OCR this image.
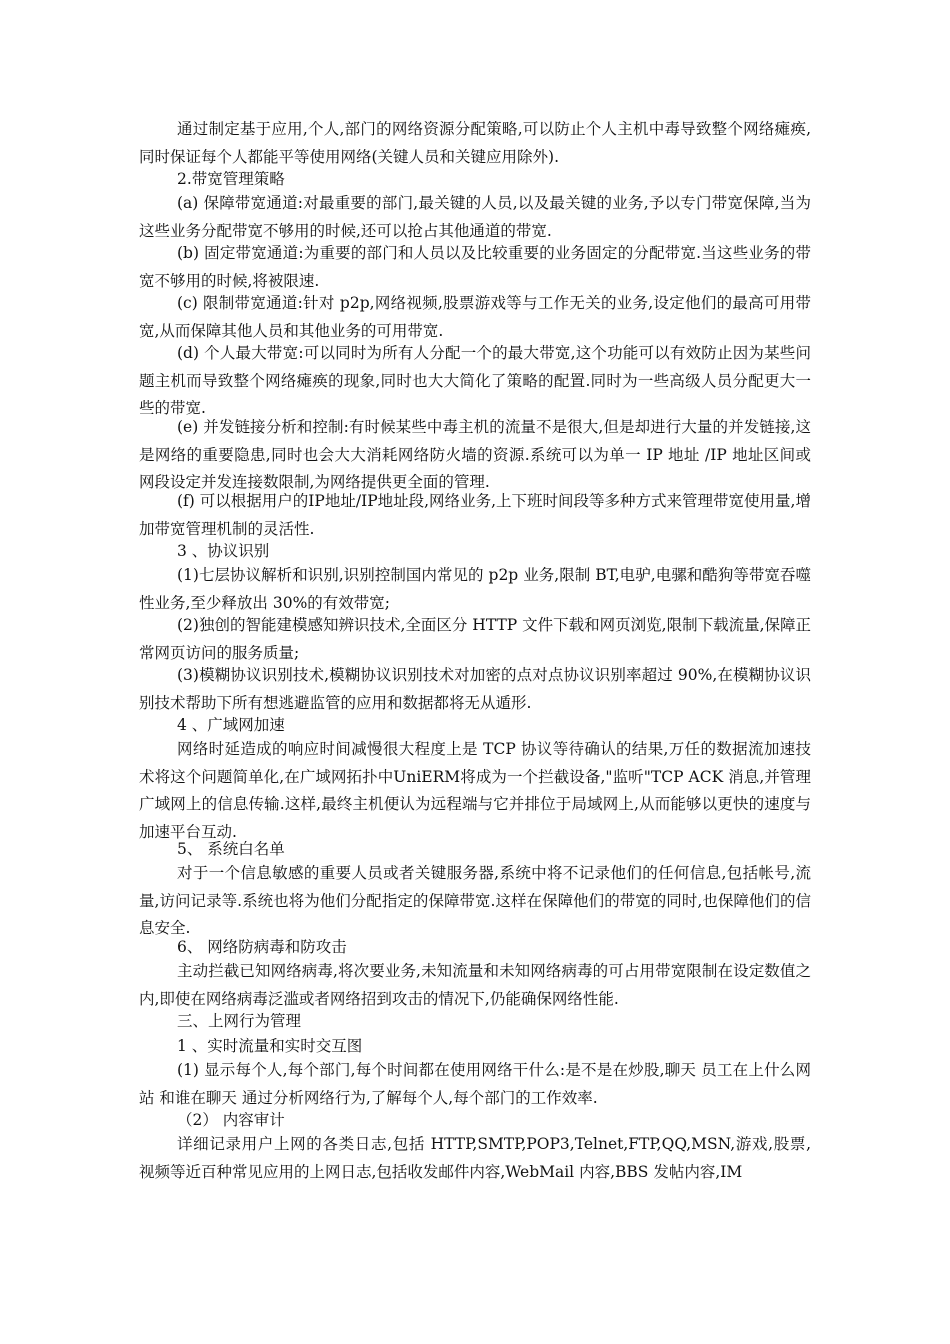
通过制定基于应用,个人,部门的网络资源分配策略,可以防止个人主机中毒导致整个网络瘫痪,同时保证每个人都能平等使用网络(关键人员和关键应用除外).

2.带宽管理策略

(a) 保障带宽通道:对最重要的部门,最关键的人员,以及最关键的业务,予以专门带宽保障,当为这些业务分配带宽不够用的时候,还可以抢占其他通道的带宽.

(b) 固定带宽通道:为重要的部门和人员以及比较重要的业务固定的分配带宽.当这些业务的带宽不够用的时候,将被限速.

(c) 限制带宽通道:针对 p2p,网络视频,股票游戏等与工作无关的业务,设定他们的最高可用带宽,从而保障其他人员和其他业务的可用带宽.

(d) 个人最大带宽:可以同时为所有人分配一个的最大带宽,这个功能可以有效防止因为某些问题主机而导致整个网络瘫痪的现象,同时也大大简化了策略的配置.同时为一些高级人员分配更大一些的带宽.

(e) 并发链接分析和控制:有时候某些中毒主机的流量不是很大,但是却进行大量的并发链接,这是网络的重要隐患,同时也会大大消耗网络防火墙的资源.系统可以为单一 IP 地址 /IP 地址区间或网段设定并发连接数限制,为网络提供更全面的管理.

(f) 可以根据用户的IP地址/IP地址段,网络业务,上下班时间段等多种方式来管理带宽使用量,增加带宽管理机制的灵活性.

3 、协议识别

(1)七层协议解析和识别,识别控制国内常见的 p2p 业务,限制 BT,电驴,电骡和酷狗等带宽吞噬性业务,至少释放出 30%的有效带宽;

(2)独创的智能建模感知辨识技术,全面区分 HTTP 文件下载和网页浏览,限制下载流量,保障正常网页访问的服务质量;

(3)模糊协议识别技术,模糊协议识别技术对加密的点对点协议识别率超过 90%,在模糊协议识别技术帮助下所有想逃避监管的应用和数据都将无从遁形.

4 、广域网加速

网络时延造成的响应时间减慢很大程度上是 TCP 协议等待确认的结果,万任的数据流加速技术将这个问题简单化,在广域网拓扑中UniERM将成为一个拦截设备,"监听"TCP ACK 消息,并管理广域网上的信息传输.这样,最终主机便认为远程端与它并排位于局域网上,从而能够以更快的速度与加速平台互动.

5、 系统白名单

对于一个信息敏感的重要人员或者关键服务器,系统中将不记录他们的任何信息,包括帐号,流量,访问记录等.系统也将为他们分配指定的保障带宽.这样在保障他们的带宽的同时,也保障他们的信息安全.

6、 网络防病毒和防攻击

主动拦截已知网络病毒,将次要业务,未知流量和未知网络病毒的可占用带宽限制在设定数值之内,即使在网络病毒泛滥或者网络招到攻击的情况下,仍能确保网络性能.

三、上网行为管理

1 、实时流量和实时交互图

(1) 显示每个人,每个部门,每个时间都在使用网络干什么:是不是在炒股,聊天 员工在上什么网站 和谁在聊天 通过分析网络行为,了解每个人,每个部门的工作效率.

（2） 内容审计

详细记录用户上网的各类日志,包括 HTTP,SMTP,POP3,Telnet,FTP,QQ,MSN,游戏,股票,视频等近百种常见应用的上网日志,包括收发邮件内容,WebMail 内容,BBS 发帖内容,IM
